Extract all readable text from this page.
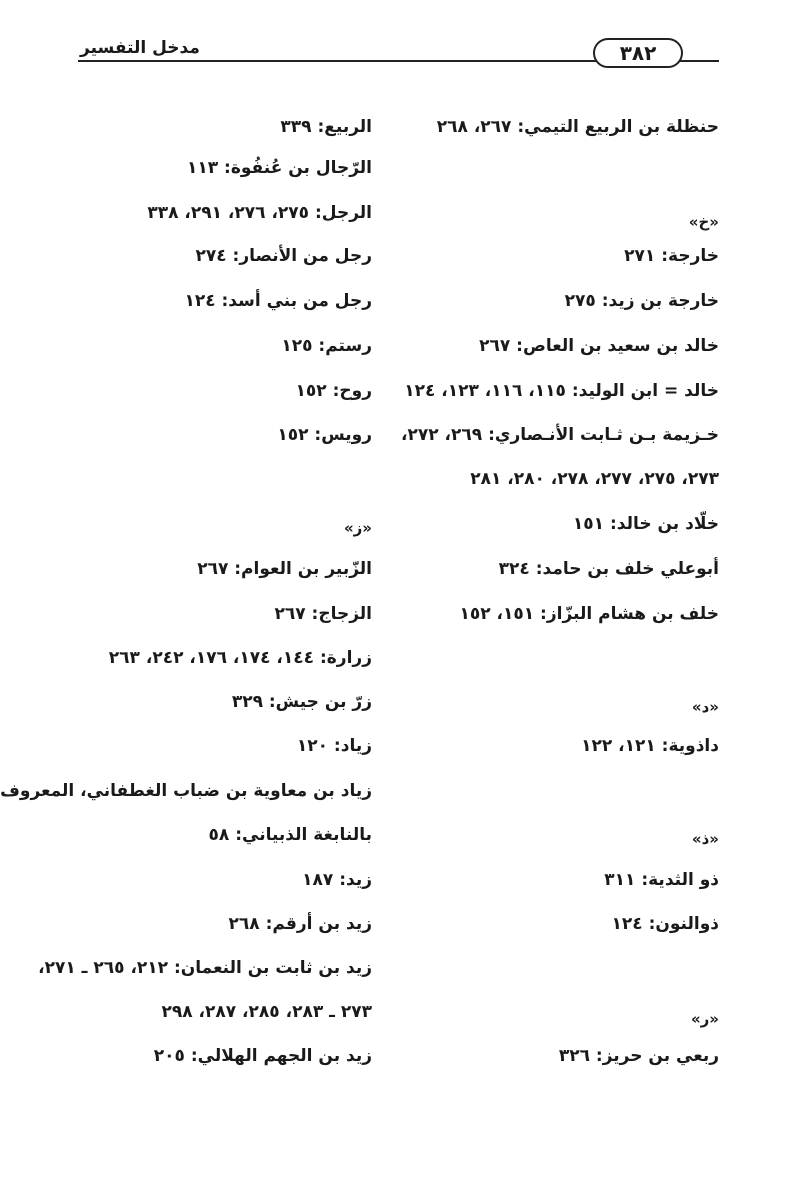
مدخل التفسير	٣٨٢
حنظلة بن الربيع التيمي: ٢٦٧، ٢٦٨
«خ»
خارجة: ٢٧١
خارجة بن زيد: ٢٧٥
خالد بن سعيد بن العاص: ٢٦٧
خالد = ابن الوليد: ١١٥، ١١٦، ١٢٣، ١٢٤
خـزيمة بـن ثـابت الأنـصاري: ٢٦٩، ٢٧٢،
٢٧٣، ٢٧٥، ٢٧٧، ٢٧٨، ٢٨٠، ٢٨١
خلّاد بن خالد: ١٥١
أبوعلي خلف بن حامد: ٣٢٤
خلف بن هشام البزّاز: ١٥١، ١٥٢
«د»
داذوية: ١٢١، ١٢٢
«ذ»
ذو الثدية: ٣١١
ذوالنون: ١٢٤
«ر»
ربعي بن حريز: ٣٢٦
الربيع: ٣٣٩
الرّجال بن عُنفُوة: ١١٣
الرجل: ٢٧٥، ٢٧٦، ٢٩١، ٣٣٨
رجل من الأنصار: ٢٧٤
رجل من بني أسد: ١٢٤
رستم: ١٢٥
روح: ١٥٢
رويس: ١٥٢
«ز»
الزّبير بن العوام: ٢٦٧
الزجاج: ٢٦٧
زرارة: ١٤٤، ١٧٤، ١٧٦، ٢٤٢، ٢٦٣
زرّ بن جيش: ٣٢٩
زياد: ١٢٠
زياد بن معاوية بن ضباب الغطفاني، المعروف
بالنابغة الذبياني: ٥٨
زيد: ١٨٧
زيد بن أرقم: ٢٦٨
زيد بن ثابت بن النعمان: ٢١٢، ٢٦٥ ـ ٢٧١،
٢٧٣ ـ ٢٨٣، ٢٨٥، ٢٨٧، ٢٩٨
زيد بن الجهم الهلالي: ٢٠٥
